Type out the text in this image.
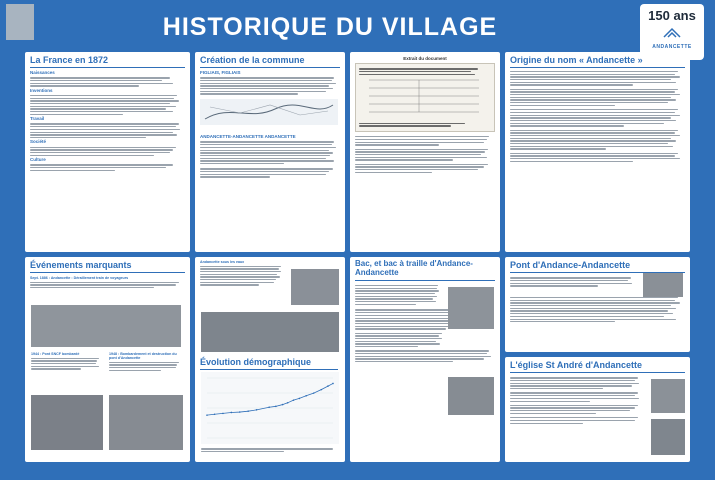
HISTORIQUE DU VILLAGE	150 ans
ANDANCETTE
La France en 1872
Naissances
Inventions
Travail
Société
Culture
Création de la commune
FIGLIAIS, FIGLIAIS
ANDANCETTE-ANDANCETTE ANDANCETTE
Extrait du document	Origine du nom « Andancette »
Événements marquants
Sept. 1886 : Andancette : Déraillement train de voyageurs
1944 : Pont SNCF bombardé	1948 : Bombardement et destruction du pont d'Andancette
Andancette sous les eaux
Évolution démographique
Bac, et bac à traille d'Andance-Andancette
Pont d'Andance-Andancette
L'église St André d'Andancette
